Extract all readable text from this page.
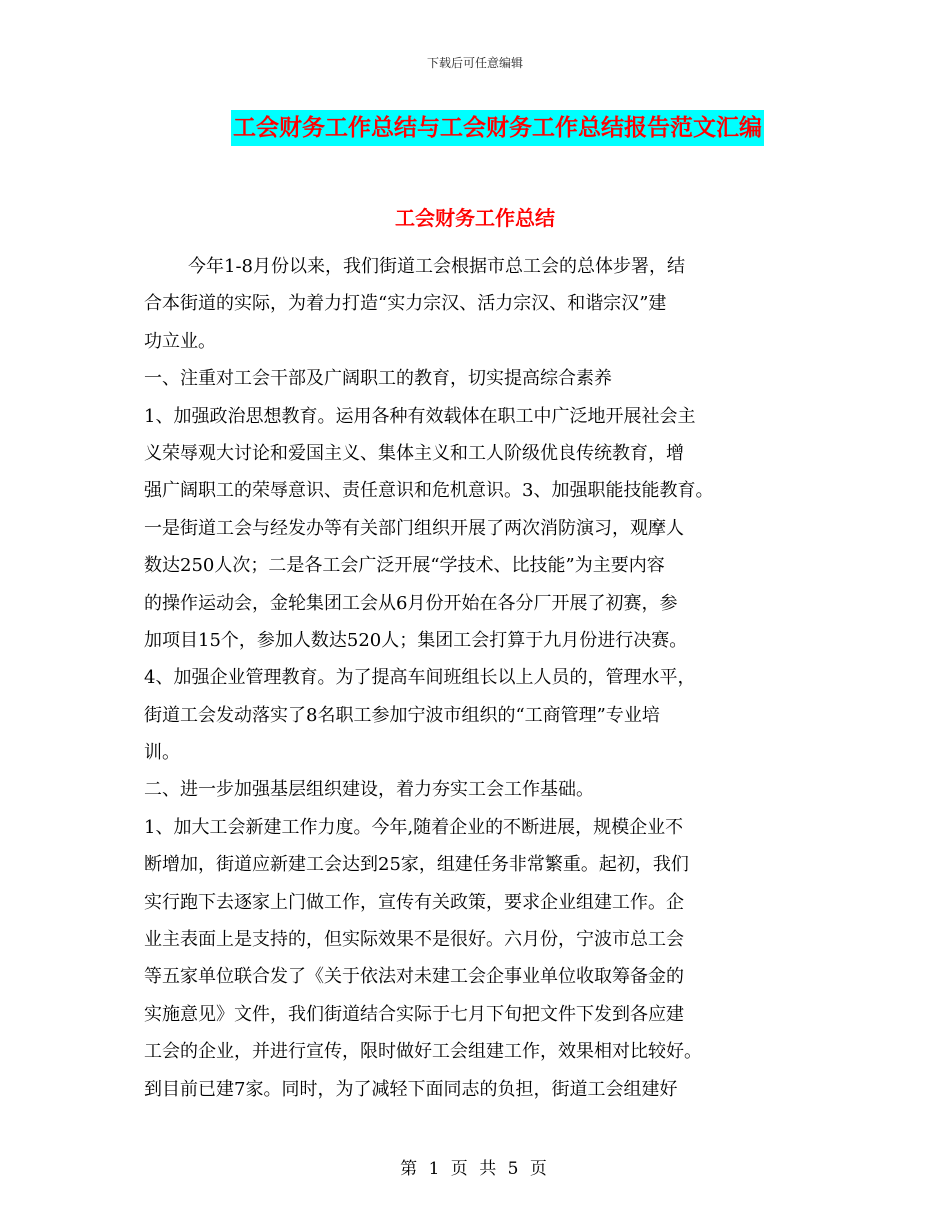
下载后可任意编辑
工会财务工作总结与工会财务工作总结报告范文汇编
工会财务工作总结
今年1-8月份以来，我们街道工会根据市总工会的总体步署，结
合本街道的实际，为着力打造“实力宗汉、活力宗汉、和谐宗汉”建
功立业。
一、注重对工会干部及广阔职工的教育，切实提高综合素养
1、加强政治思想教育。运用各种有效载体在职工中广泛地开展社会主
义荣辱观大讨论和爱国主义、集体主义和工人阶级优良传统教育，增
强广阔职工的荣辱意识、责任意识和危机意识。3、加强职能技能教育。
一是街道工会与经发办等有关部门组织开展了两次消防演习，观摩人
数达250人次；二是各工会广泛开展“学技术、比技能”为主要内容
的操作运动会，金轮集团工会从6月份开始在各分厂开展了初赛，参
加项目15个，参加人数达520人；集团工会打算于九月份进行决赛。
4、加强企业管理教育。为了提高车间班组长以上人员的，管理水平，
街道工会发动落实了8名职工参加宁波市组织的“工商管理”专业培
训。
二、进一步加强基层组织建设，着力夯实工会工作基础。
1、加大工会新建工作力度。今年,随着企业的不断进展，规模企业不
断增加，街道应新建工会达到25家，组建任务非常繁重。起初，我们
实行跑下去逐家上门做工作，宣传有关政策，要求企业组建工作。企
业主表面上是支持的，但实际效果不是很好。六月份，宁波市总工会
等五家单位联合发了《关于依法对未建工会企事业单位收取筹备金的
实施意见》文件，我们街道结合实际于七月下旬把文件下发到各应建
工会的企业，并进行宣传，限时做好工会组建工作，效果相对比较好。
到目前已建7家。同时，为了减轻下面同志的负担，街道工会组建好
第 1 页 共 5 页
